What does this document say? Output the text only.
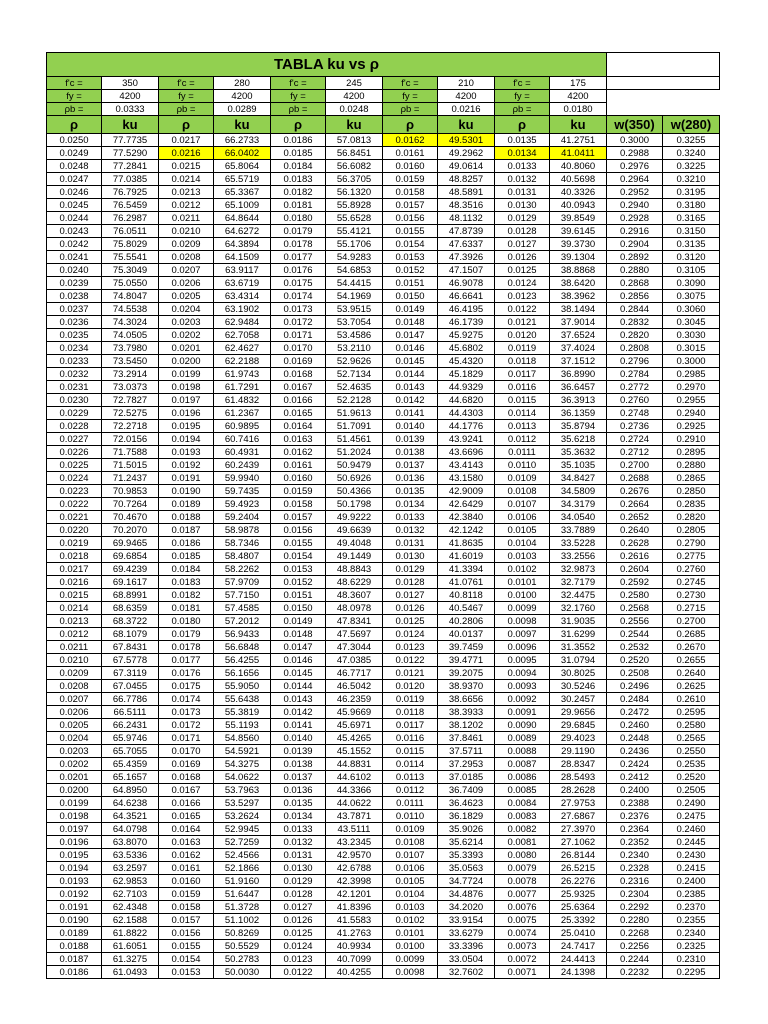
TABLA ku vs ρ											
f'c =	350	f'c =	280	f'c =	245	f'c =	210	f'c =	175		
fy =	4200	fy =	4200	fy =	4200	fy =	4200	fy =	4200		
ρb =	0.0333	ρb =	0.0289	ρb =	0.0248	ρb =	0.0216	ρb =	0.0180		
ρ	ku	ρ	ku	ρ	ku	ρ	ku	ρ	ku	w(350)	w(280)
0.0250	77.7735	0.0217	66.2733	0.0186	57.0813	0.0162	49.5301	0.0135	41.2751	0.3000	0.3255
0.0249	77.5290	0.0216	66.0402	0.0185	56.8451	0.0161	49.2962	0.0134	41.0411	0.2988	0.3240
0.0248	77.2841	0.0215	65.8064	0.0184	56.6082	0.0160	49.0614	0.0133	40.8060	0.2976	0.3225
0.0247	77.0385	0.0214	65.5719	0.0183	56.3705	0.0159	48.8257	0.0132	40.5698	0.2964	0.3210
0.0246	76.7925	0.0213	65.3367	0.0182	56.1320	0.0158	48.5891	0.0131	40.3326	0.2952	0.3195
0.0245	76.5459	0.0212	65.1009	0.0181	55.8928	0.0157	48.3516	0.0130	40.0943	0.2940	0.3180
0.0244	76.2987	0.0211	64.8644	0.0180	55.6528	0.0156	48.1132	0.0129	39.8549	0.2928	0.3165
0.0243	76.0511	0.0210	64.6272	0.0179	55.4121	0.0155	47.8739	0.0128	39.6145	0.2916	0.3150
0.0242	75.8029	0.0209	64.3894	0.0178	55.1706	0.0154	47.6337	0.0127	39.3730	0.2904	0.3135
0.0241	75.5541	0.0208	64.1509	0.0177	54.9283	0.0153	47.3926	0.0126	39.1304	0.2892	0.3120
0.0240	75.3049	0.0207	63.9117	0.0176	54.6853	0.0152	47.1507	0.0125	38.8868	0.2880	0.3105
0.0239	75.0550	0.0206	63.6719	0.0175	54.4415	0.0151	46.9078	0.0124	38.6420	0.2868	0.3090
0.0238	74.8047	0.0205	63.4314	0.0174	54.1969	0.0150	46.6641	0.0123	38.3962	0.2856	0.3075
0.0237	74.5538	0.0204	63.1902	0.0173	53.9515	0.0149	46.4195	0.0122	38.1494	0.2844	0.3060
0.0236	74.3024	0.0203	62.9484	0.0172	53.7054	0.0148	46.1739	0.0121	37.9014	0.2832	0.3045
0.0235	74.0505	0.0202	62.7058	0.0171	53.4586	0.0147	45.9275	0.0120	37.6524	0.2820	0.3030
0.0234	73.7980	0.0201	62.4627	0.0170	53.2110	0.0146	45.6802	0.0119	37.4024	0.2808	0.3015
0.0233	73.5450	0.0200	62.2188	0.0169	52.9626	0.0145	45.4320	0.0118	37.1512	0.2796	0.3000
0.0232	73.2914	0.0199	61.9743	0.0168	52.7134	0.0144	45.1829	0.0117	36.8990	0.2784	0.2985
0.0231	73.0373	0.0198	61.7291	0.0167	52.4635	0.0143	44.9329	0.0116	36.6457	0.2772	0.2970
0.0230	72.7827	0.0197	61.4832	0.0166	52.2128	0.0142	44.6820	0.0115	36.3913	0.2760	0.2955
0.0229	72.5275	0.0196	61.2367	0.0165	51.9613	0.0141	44.4303	0.0114	36.1359	0.2748	0.2940
0.0228	72.2718	0.0195	60.9895	0.0164	51.7091	0.0140	44.1776	0.0113	35.8794	0.2736	0.2925
0.0227	72.0156	0.0194	60.7416	0.0163	51.4561	0.0139	43.9241	0.0112	35.6218	0.2724	0.2910
0.0226	71.7588	0.0193	60.4931	0.0162	51.2024	0.0138	43.6696	0.0111	35.3632	0.2712	0.2895
0.0225	71.5015	0.0192	60.2439	0.0161	50.9479	0.0137	43.4143	0.0110	35.1035	0.2700	0.2880
0.0224	71.2437	0.0191	59.9940	0.0160	50.6926	0.0136	43.1580	0.0109	34.8427	0.2688	0.2865
0.0223	70.9853	0.0190	59.7435	0.0159	50.4366	0.0135	42.9009	0.0108	34.5809	0.2676	0.2850
0.0222	70.7264	0.0189	59.4923	0.0158	50.1798	0.0134	42.6429	0.0107	34.3179	0.2664	0.2835
0.0221	70.4670	0.0188	59.2404	0.0157	49.9222	0.0133	42.3840	0.0106	34.0540	0.2652	0.2820
0.0220	70.2070	0.0187	58.9878	0.0156	49.6639	0.0132	42.1242	0.0105	33.7889	0.2640	0.2805
0.0219	69.9465	0.0186	58.7346	0.0155	49.4048	0.0131	41.8635	0.0104	33.5228	0.2628	0.2790
0.0218	69.6854	0.0185	58.4807	0.0154	49.1449	0.0130	41.6019	0.0103	33.2556	0.2616	0.2775
0.0217	69.4239	0.0184	58.2262	0.0153	48.8843	0.0129	41.3394	0.0102	32.9873	0.2604	0.2760
0.0216	69.1617	0.0183	57.9709	0.0152	48.6229	0.0128	41.0761	0.0101	32.7179	0.2592	0.2745
0.0215	68.8991	0.0182	57.7150	0.0151	48.3607	0.0127	40.8118	0.0100	32.4475	0.2580	0.2730
0.0214	68.6359	0.0181	57.4585	0.0150	48.0978	0.0126	40.5467	0.0099	32.1760	0.2568	0.2715
0.0213	68.3722	0.0180	57.2012	0.0149	47.8341	0.0125	40.2806	0.0098	31.9035	0.2556	0.2700
0.0212	68.1079	0.0179	56.9433	0.0148	47.5697	0.0124	40.0137	0.0097	31.6299	0.2544	0.2685
0.0211	67.8431	0.0178	56.6848	0.0147	47.3044	0.0123	39.7459	0.0096	31.3552	0.2532	0.2670
0.0210	67.5778	0.0177	56.4255	0.0146	47.0385	0.0122	39.4771	0.0095	31.0794	0.2520	0.2655
0.0209	67.3119	0.0176	56.1656	0.0145	46.7717	0.0121	39.2075	0.0094	30.8025	0.2508	0.2640
0.0208	67.0455	0.0175	55.9050	0.0144	46.5042	0.0120	38.9370	0.0093	30.5246	0.2496	0.2625
0.0207	66.7786	0.0174	55.6438	0.0143	46.2359	0.0119	38.6656	0.0092	30.2457	0.2484	0.2610
0.0206	66.5111	0.0173	55.3819	0.0142	45.9669	0.0118	38.3933	0.0091	29.9656	0.2472	0.2595
0.0205	66.2431	0.0172	55.1193	0.0141	45.6971	0.0117	38.1202	0.0090	29.6845	0.2460	0.2580
0.0204	65.9746	0.0171	54.8560	0.0140	45.4265	0.0116	37.8461	0.0089	29.4023	0.2448	0.2565
0.0203	65.7055	0.0170	54.5921	0.0139	45.1552	0.0115	37.5711	0.0088	29.1190	0.2436	0.2550
0.0202	65.4359	0.0169	54.3275	0.0138	44.8831	0.0114	37.2953	0.0087	28.8347	0.2424	0.2535
0.0201	65.1657	0.0168	54.0622	0.0137	44.6102	0.0113	37.0185	0.0086	28.5493	0.2412	0.2520
0.0200	64.8950	0.0167	53.7963	0.0136	44.3366	0.0112	36.7409	0.0085	28.2628	0.2400	0.2505
0.0199	64.6238	0.0166	53.5297	0.0135	44.0622	0.0111	36.4623	0.0084	27.9753	0.2388	0.2490
0.0198	64.3521	0.0165	53.2624	0.0134	43.7871	0.0110	36.1829	0.0083	27.6867	0.2376	0.2475
0.0197	64.0798	0.0164	52.9945	0.0133	43.5111	0.0109	35.9026	0.0082	27.3970	0.2364	0.2460
0.0196	63.8070	0.0163	52.7259	0.0132	43.2345	0.0108	35.6214	0.0081	27.1062	0.2352	0.2445
0.0195	63.5336	0.0162	52.4566	0.0131	42.9570	0.0107	35.3393	0.0080	26.8144	0.2340	0.2430
0.0194	63.2597	0.0161	52.1866	0.0130	42.6788	0.0106	35.0563	0.0079	26.5215	0.2328	0.2415
0.0193	62.9853	0.0160	51.9160	0.0129	42.3998	0.0105	34.7724	0.0078	26.2276	0.2316	0.2400
0.0192	62.7103	0.0159	51.6447	0.0128	42.1201	0.0104	34.4876	0.0077	25.9325	0.2304	0.2385
0.0191	62.4348	0.0158	51.3728	0.0127	41.8396	0.0103	34.2020	0.0076	25.6364	0.2292	0.2370
0.0190	62.1588	0.0157	51.1002	0.0126	41.5583	0.0102	33.9154	0.0075	25.3392	0.2280	0.2355
0.0189	61.8822	0.0156	50.8269	0.0125	41.2763	0.0101	33.6279	0.0074	25.0410	0.2268	0.2340
0.0188	61.6051	0.0155	50.5529	0.0124	40.9934	0.0100	33.3396	0.0073	24.7417	0.2256	0.2325
0.0187	61.3275	0.0154	50.2783	0.0123	40.7099	0.0099	33.0504	0.0072	24.4413	0.2244	0.2310
0.0186	61.0493	0.0153	50.0030	0.0122	40.4255	0.0098	32.7602	0.0071	24.1398	0.2232	0.2295
